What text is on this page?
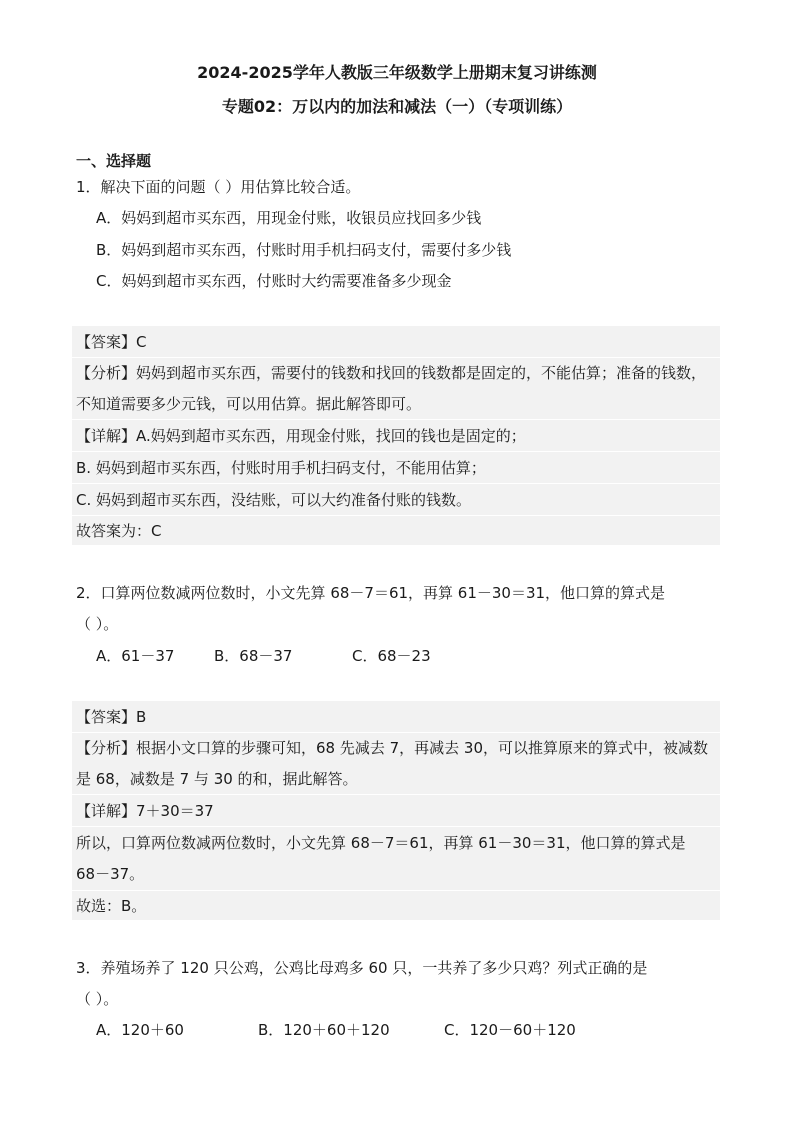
2024-2025学年人教版三年级数学上册期末复习讲练测
专题02：万以内的加法和减法（一）（专项训练）
一、选择题
1．解决下面的问题（ ）用估算比较合适。
A．妈妈到超市买东西，用现金付账，收银员应找回多少钱
B．妈妈到超市买东西，付账时用手机扫码支付，需要付多少钱
C．妈妈到超市买东西，付账时大约需要准备多少现金
【答案】C
【分析】妈妈到超市买东西，需要付的钱数和找回的钱数都是固定的，不能估算；准备的钱数，不知道需要多少元钱，可以用估算。据此解答即可。
【详解】A.妈妈到超市买东西，用现金付账，找回的钱也是固定的；
B. 妈妈到超市买东西，付账时用手机扫码支付，不能用估算；
C. 妈妈到超市买东西，没结账，可以大约准备付账的钱数。
故答案为：C
2．口算两位数减两位数时，小文先算 68－7＝61，再算 61－30＝31，他口算的算式是
（ ）。
A．61－37	B．68－37	C．68－23
【答案】B
【分析】根据小文口算的步骤可知，68 先减去 7，再减去 30，可以推算原来的算式中，被减数是 68，减数是 7 与 30 的和，据此解答。
【详解】7＋30＝37
所以，口算两位数减两位数时，小文先算 68－7＝61，再算 61－30＝31，他口算的算式是
68－37。
故选：B。
3．养殖场养了 120 只公鸡，公鸡比母鸡多 60 只，一共养了多少只鸡？列式正确的是
（ ）。
A．120＋60	B．120＋60＋120	C．120－60＋120
